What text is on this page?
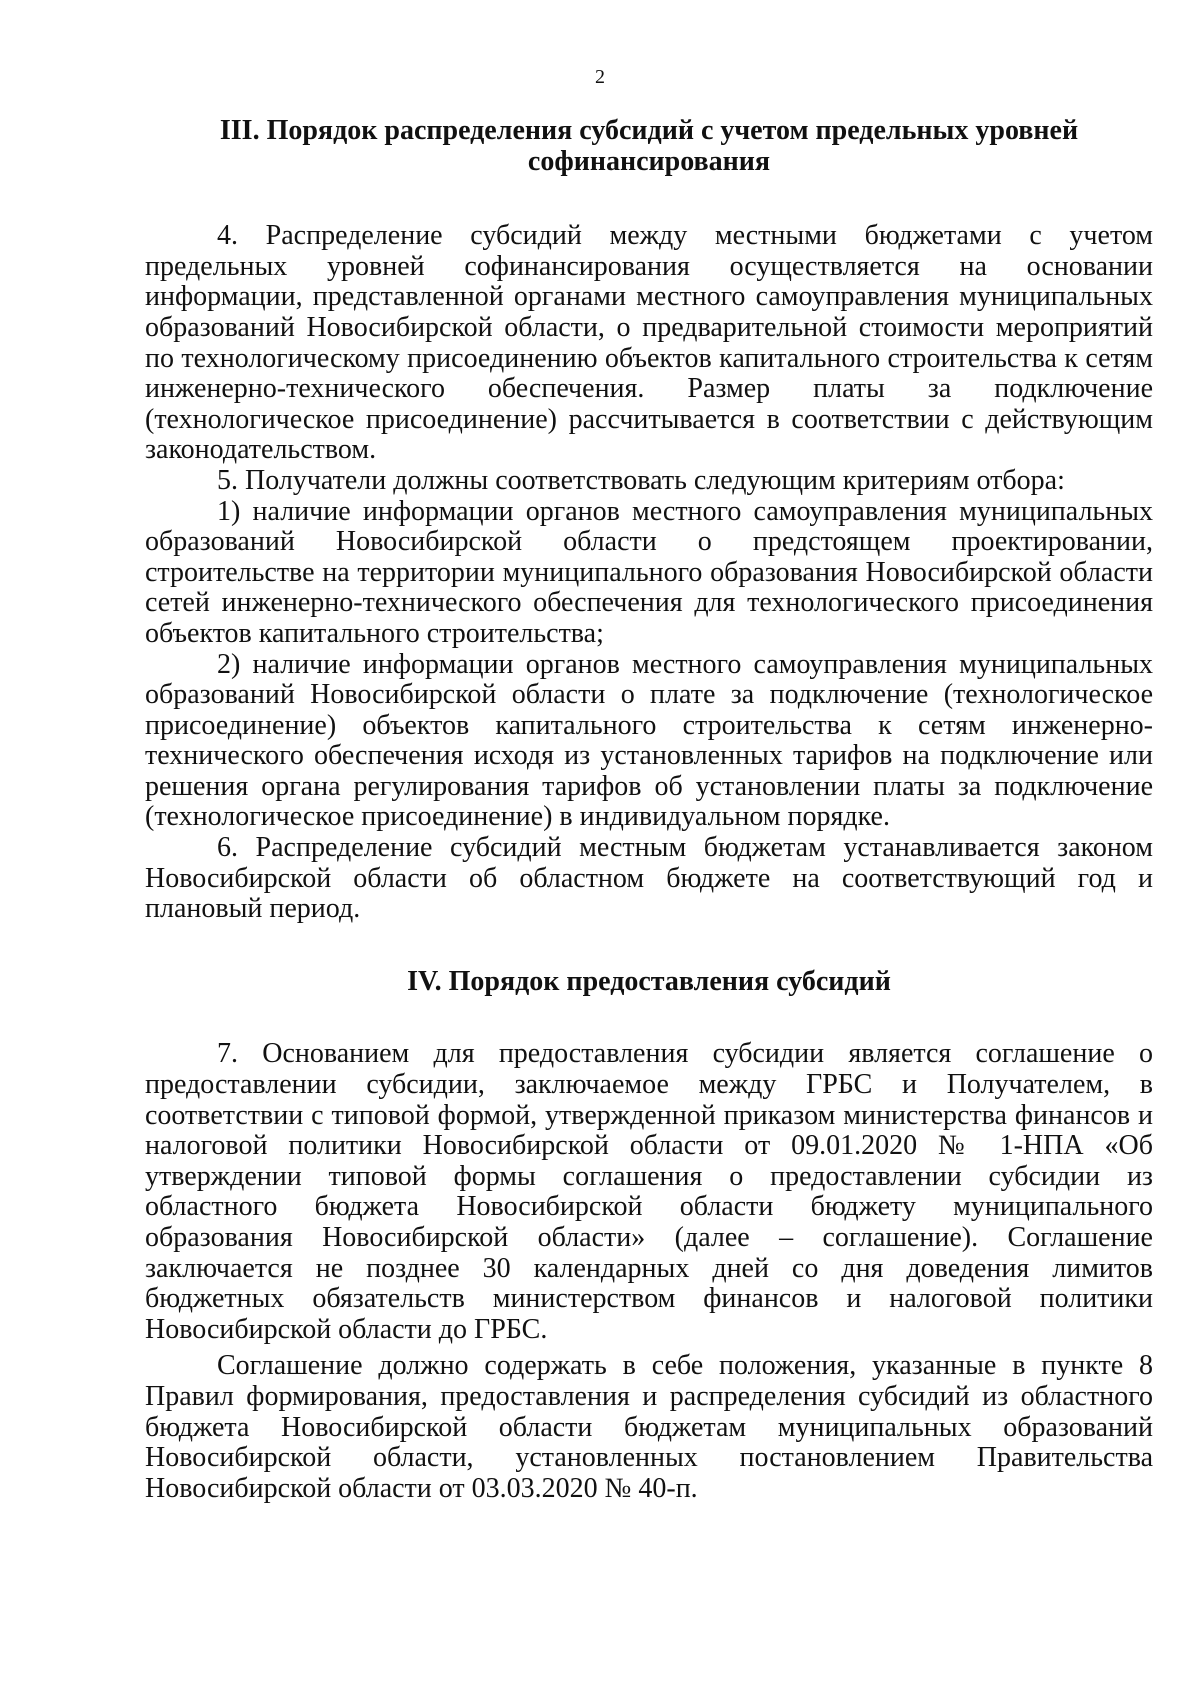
2
III. Порядок распределения субсидий с учетом предельных уровней софинансирования

4. Распределение субсидий между местными бюджетами с учетом предельных уровней софинансирования осуществляется на основании информации, представленной органами местного самоуправления муниципальных образований Новосибирской области, о предварительной стоимости мероприятий по технологическому присоединению объектов капитального строительства к сетям инженерно-технического обеспечения. Размер платы за подключение (технологическое присоединение) рассчитывается в соответствии с действующим законодательством.

5. Получатели должны соответствовать следующим критериям отбора:

1) наличие информации органов местного самоуправления муниципальных образований Новосибирской области о предстоящем проектировании, строительстве на территории муниципального образования Новосибирской области сетей инженерно-технического обеспечения для технологического присоединения объектов капитального строительства;

2) наличие информации органов местного самоуправления муниципальных образований Новосибирской области о плате за подключение (технологическое присоединение) объектов капитального строительства к сетям инженерно-технического обеспечения исходя из установленных тарифов на подключение или решения органа регулирования тарифов об установлении платы за подключение (технологическое присоединение) в индивидуальном порядке.

6. Распределение субсидий местным бюджетам устанавливается законом Новосибирской области об областном бюджете на соответствующий год и плановый период.

IV. Порядок предоставления субсидий

7. Основанием для предоставления субсидии является соглашение о предоставлении субсидии, заключаемое между ГРБС и Получателем, в соответствии с типовой формой, утвержденной приказом министерства финансов и налоговой политики Новосибирской области от 09.01.2020 № 1-НПА «Об утверждении типовой формы соглашения о предоставлении субсидии из областного бюджета Новосибирской области бюджету муниципального образования Новосибирской области» (далее – соглашение). Соглашение заключается не позднее 30 календарных дней со дня доведения лимитов бюджетных обязательств министерством финансов и налоговой политики Новосибирской области до ГРБС.

Соглашение должно содержать в себе положения, указанные в пункте 8 Правил формирования, предоставления и распределения субсидий из областного бюджета Новосибирской области бюджетам муниципальных образований Новосибирской области, установленных постановлением Правительства Новосибирской области от 03.03.2020 № 40-п.
